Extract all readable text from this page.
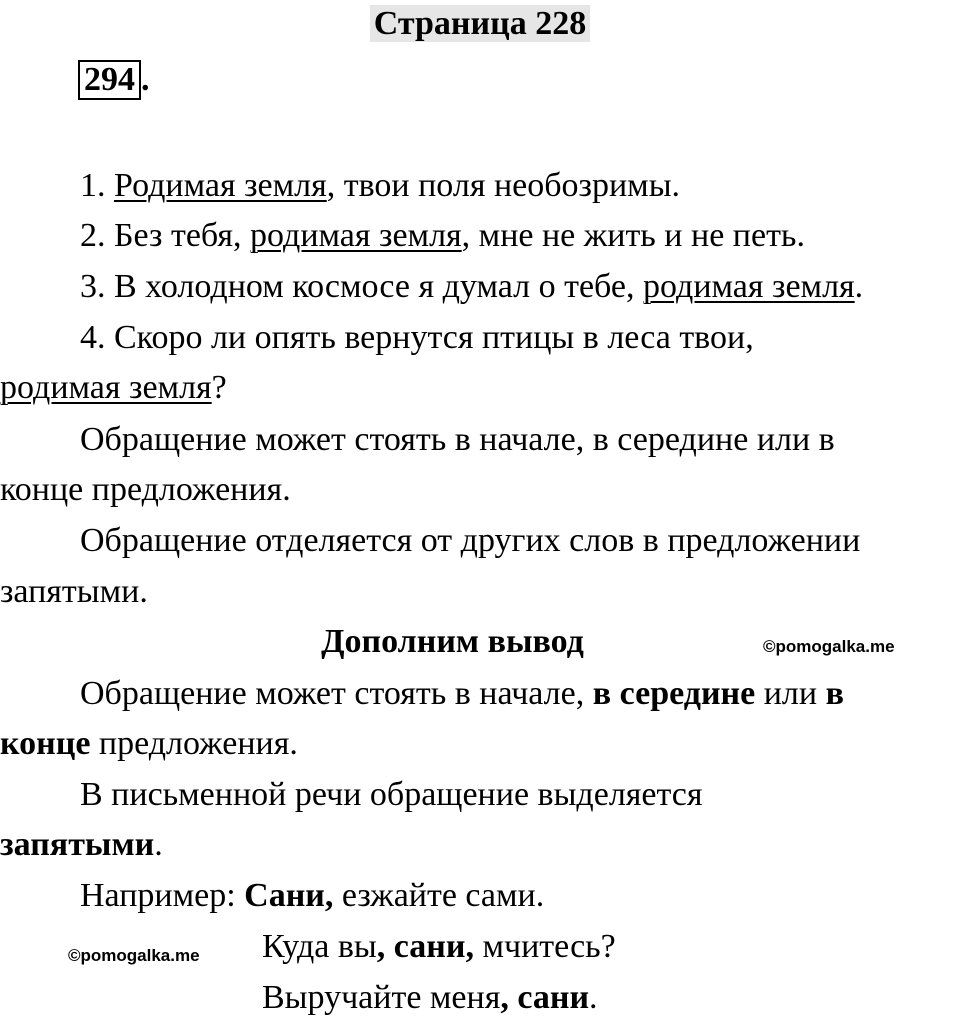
Страница 228
294 .
1. Родимая земля, твои поля необозримы.
2. Без тебя, родимая земля, мне не жить и не петь.
3. В холодном космосе я думал о тебе, родимая земля.
4. Скоро ли опять вернутся птицы в леса твои,
родимая земля?
Обращение может стоять в начале, в середине или в
конце предложения.
Обращение отделяется от других слов в предложении
запятыми.
Дополним вывод	©pomogalka.me
Обращение может стоять в начале, в середине или в
конце предложения.
В письменной речи обращение выделяется
запятыми.
Например: Сани, езжайте сами.
©pomogalka.me	Куда вы, сани, мчитесь?
Выручайте меня, сани.
